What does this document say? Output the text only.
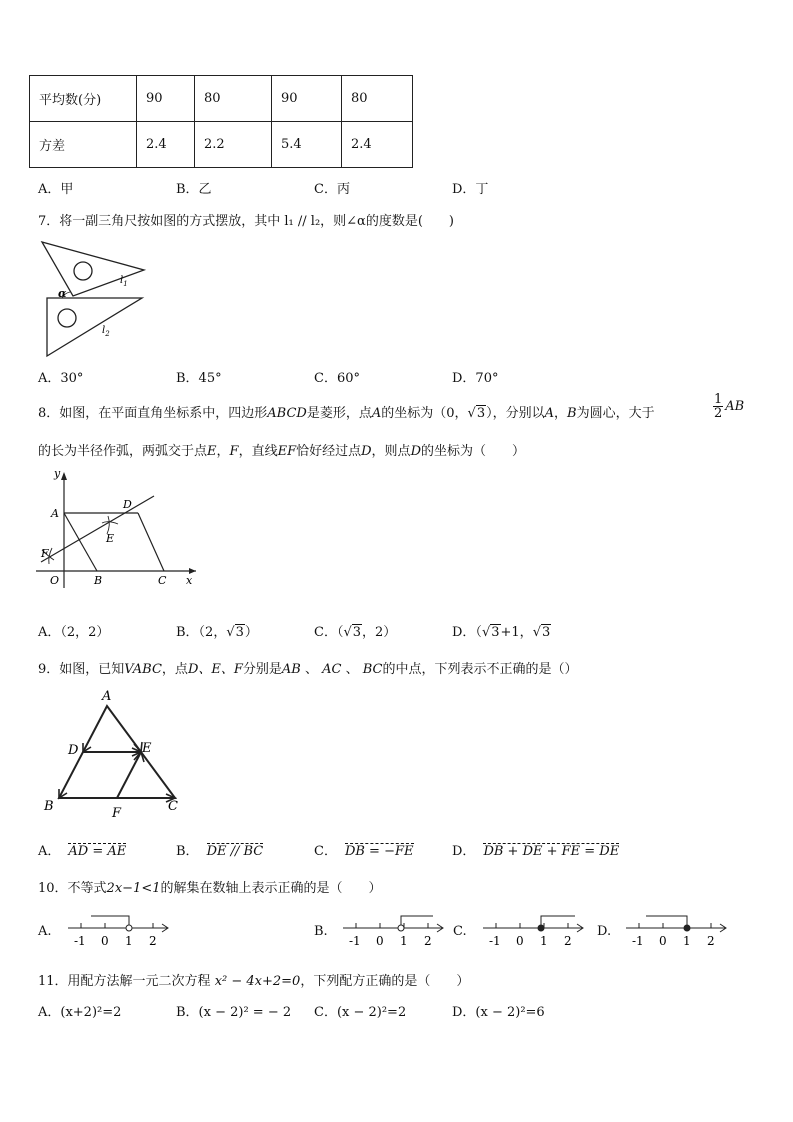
平均数(分)	90	80	90	80
方差	2.4	2.2	5.4	2.4
A．甲	B．乙	C．丙	D．丁
7．将一副三角尺按如图的方式摆放，其中 l₁ // l₂，则∠α的度数是(　　)
α
$l_1$
$l_2$
A．30°	B．45°	C．60°	D．70°
8．如图，在平面直角坐标系中，四边形ABCD是菱形，点A的坐标为（0，√3），分别以A，B为圆心，大于	$\frac{1}{2}$ AB
的长为半径作弧，两弧交于点E，F，直线EF恰好经过点D，则点D的坐标为（　　）
y
x
A
D
E
F
O	B	C
A．（2，2）	B．（2，√3）	C．（√3，2）	D．（√3+1，√3
9．如图，已知VABC，点D、E、F分别是AB 、 AC 、 BC的中点，下列表示不正确的是（）
A
D	E
B	F	C
A． AD = AE	B． DE // BC	C． DB = −FE	D． DB + DE + FE = DE
10．不等式2x−1<1的解集在数轴上表示正确的是（　　）
A.
-1 0 1 2
B.
-1 0 1 2
C.
-1 0 1 2
D.
-1 0 1 2
11．用配方法解一元二次方程 x² − 4x+2=0，下列配方正确的是（　　）
A．(x+2)²=2	B．(x − 2)² = − 2 C．(x − 2)²=2	D．(x − 2)²=6
